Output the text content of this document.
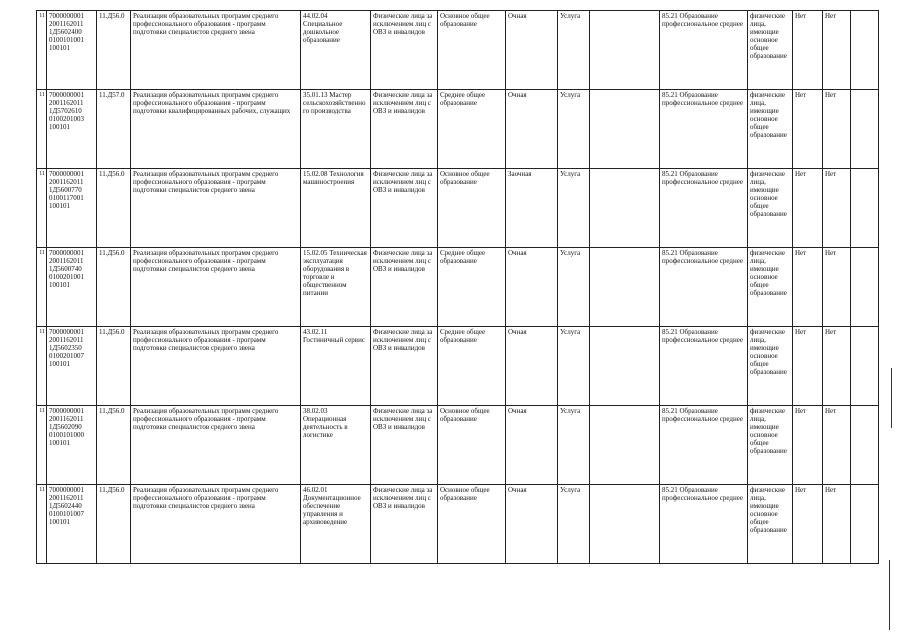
11	7000000001 2001162011 1Д5602400 0100101001 100101	11.Д56.0	Реализация образовательных программ среднего профессионального образования - программ подготовки специалистов среднего звена	44.02.04 Специальное дошкольное образование	Физические лица за исключением лиц с ОВЗ и инвалидов	Основное общее образование	Очная	Услуга		85.21 Образование профессиональное среднее	физические лица, имеющие основное общее образование	Нет	Нет	
11	7000000001 2001162011 1Д5702610 0100201003 100101	11.Д57.0	Реализация образовательных программ среднего профессионального образования - программ подготовки квалифицированных рабочих, служащих	35.01.13 Мастер сельскохозяйственного производства	Физические лица за исключением лиц с ОВЗ и инвалидов	Среднее общее образование	Очная	Услуга		85.21 Образование профессиональное среднее	физические лица, имеющие основное общее образование	Нет	Нет	
11	7000000001 2001162011 1Д5600770 0100117001 100101	11.Д56.0	Реализация образовательных программ среднего профессионального образования - программ подготовки специалистов среднего звена	15.02.08 Технология машиностроения	Физические лица за исключением лиц с ОВЗ и инвалидов	Основное общее образование	Заочная	Услуга		85.21 Образование профессиональное среднее	физические лица, имеющие основное общее образование	Нет	Нет	
11	7000000001 2001162011 1Д5600740 0100201001 100101	11.Д56.0	Реализация образовательных программ среднего профессионального образования - программ подготовки специалистов среднего звена	15.02.05 Техническая эксплуатация оборудования в торговле и общественном питании	Физические лица за исключением лиц с ОВЗ и инвалидов	Среднее общее образование	Очная	Услуга		85.21 Образование профессиональное среднее	физические лица, имеющие основное общее образование	Нет	Нет	
11	7000000001 2001162011 1Д5602350 0100201007 100101	11.Д56.0	Реализация образовательных программ среднего профессионального образования - программ подготовки специалистов среднего звена	43.02.11 Гостиничный сервис	Физические лица за исключением лиц с ОВЗ и инвалидов	Среднее общее образование	Очная	Услуга		85.21 Образование профессиональное среднее	физические лица, имеющие основное общее образование	Нет	Нет	
11	7000000001 2001162011 1Д5602090 0100101000 100101	11.Д56.0	Реализация образовательных программ среднего профессионального образования - программ подготовки специалистов среднего звена	38.02.03 Операционная деятельность в логистике	Физические лица за исключением лиц с ОВЗ и инвалидов	Основное общее образование	Очная	Услуга		85.21 Образование профессиональное среднее	физические лица, имеющие основное общее образование	Нет	Нет	
11	7000000001 2001162011 1Д5602440 0100101007 100101	11.Д56.0	Реализация образовательных программ среднего профессионального образования - программ подготовки специалистов среднего звена	46.02.01 Документационное обеспечение управления и архивоведение	Физические лица за исключением лиц с ОВЗ и инвалидов	Основное общее образование	Очная	Услуга		85.21 Образование профессиональное среднее	физические лица, имеющие основное общее образование	Нет	Нет	
